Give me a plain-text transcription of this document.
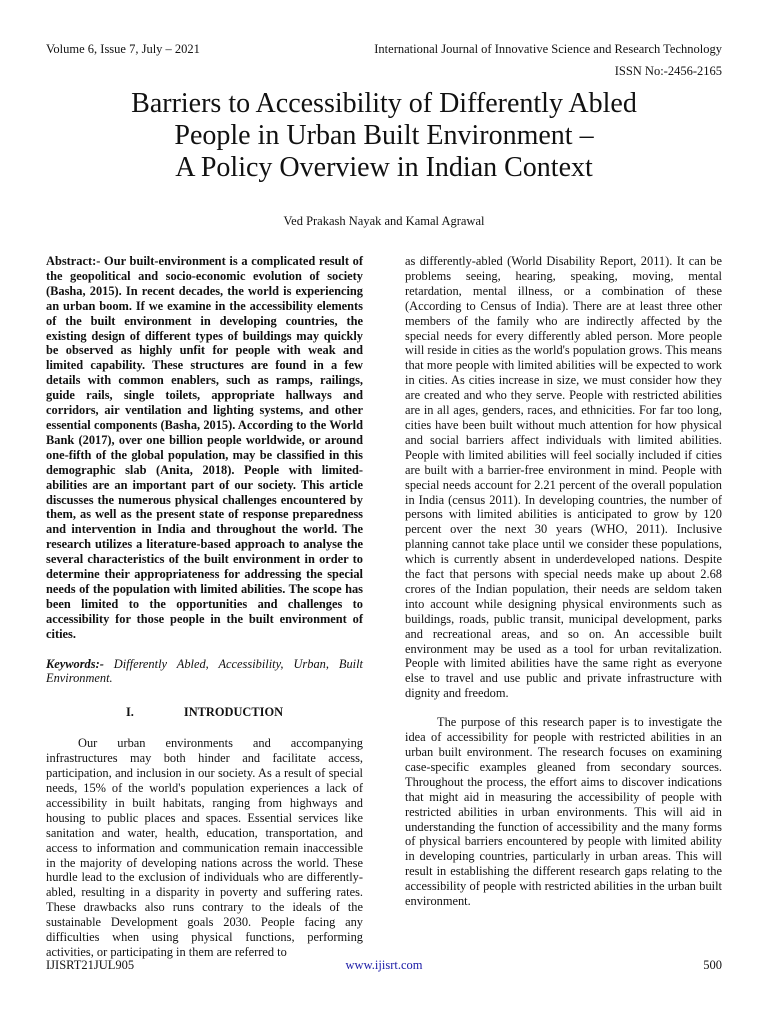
Volume 6, Issue 7, July – 2021	International Journal of Innovative Science and Research Technology
ISSN No:-2456-2165
Barriers to Accessibility of Differently Abled
People in Urban Built Environment –
A Policy Overview in Indian Context
Ved Prakash Nayak and Kamal Agrawal

Abstract:- Our built-environment is a complicated result of the geopolitical and socio-economic evolution of society (Basha, 2015). In recent decades, the world is experiencing an urban boom. If we examine in the accessibility elements of the built environment in developing countries, the existing design of different types of buildings may quickly be observed as highly unfit for people with weak and limited capability. These structures are found in a few details with common enablers, such as ramps, railings, guide rails, single toilets, appropriate hallways and corridors, air ventilation and lighting systems, and other essential components (Basha, 2015). According to the World Bank (2017), over one billion people worldwide, or around one-fifth of the global population, may be classified in this demographic slab (Anita, 2018). People with limited-abilities are an important part of our society. This article discusses the numerous physical challenges encountered by them, as well as the present state of response preparedness and intervention in India and throughout the world. The research utilizes a literature-based approach to analyse the several characteristics of the built environment in order to determine their appropriateness for addressing the special needs of the population with limited abilities. The scope has been limited to the opportunities and challenges to accessibility for those people in the built environment of cities.

Keywords:- Differently Abled, Accessibility, Urban, Built Environment.

I.	INTRODUCTION

Our urban environments and accompanying infrastructures may both hinder and facilitate access, participation, and inclusion in our society. As a result of special needs, 15% of the world's population experiences a lack of accessibility in built habitats, ranging from highways and housing to public places and spaces. Essential services like sanitation and water, health, education, transportation, and access to information and communication remain inaccessible in the majority of developing nations across the world. These hurdle lead to the exclusion of individuals who are differently-abled, resulting in a disparity in poverty and suffering rates. These drawbacks also runs contrary to the ideals of the sustainable Development goals 2030. People facing any difficulties when using physical functions, performing activities, or participating in them are referred to

as differently-abled (World Disability Report, 2011). It can be problems seeing, hearing, speaking, moving, mental retardation, mental illness, or a combination of these (According to Census of India). There are at least three other members of the family who are indirectly affected by the special needs for every differently abled person. More people will reside in cities as the world's population grows. This means that more people with limited abilities will be expected to work in cities. As cities increase in size, we must consider how they are created and who they serve. People with restricted abilities are in all ages, genders, races, and ethnicities. For far too long, cities have been built without much attention for how physical and social barriers affect individuals with limited abilities. People with limited abilities will feel socially included if cities are built with a barrier-free environment in mind. People with special needs account for 2.21 percent of the overall population in India (census 2011). In developing countries, the number of persons with limited abilities is anticipated to grow by 120 percent over the next 30 years (WHO, 2011). Inclusive planning cannot take place until we consider these populations, which is currently absent in underdeveloped nations. Despite the fact that persons with special needs make up about 2.68 crores of the Indian population, their needs are seldom taken into account while designing physical environments such as buildings, roads, public transit, municipal development, parks and recreational areas, and so on. An accessible built environment may be used as a tool for urban revitalization. People with limited abilities have the same right as everyone else to travel and use public and private infrastructure with dignity and freedom.

The purpose of this research paper is to investigate the idea of accessibility for people with restricted abilities in an urban built environment. The research focuses on examining case-specific examples gleaned from secondary sources. Throughout the process, the effort aims to discover indications that might aid in measuring the accessibility of people with restricted abilities in urban environments. This will aid in understanding the function of accessibility and the many forms of physical barriers encountered by people with limited ability in developing countries, particularly in urban areas. This will result in establishing the different research gaps relating to the accessibility of people with restricted abilities in the urban built environment.

IJISRT21JUL905	www.ijisrt.com	500
